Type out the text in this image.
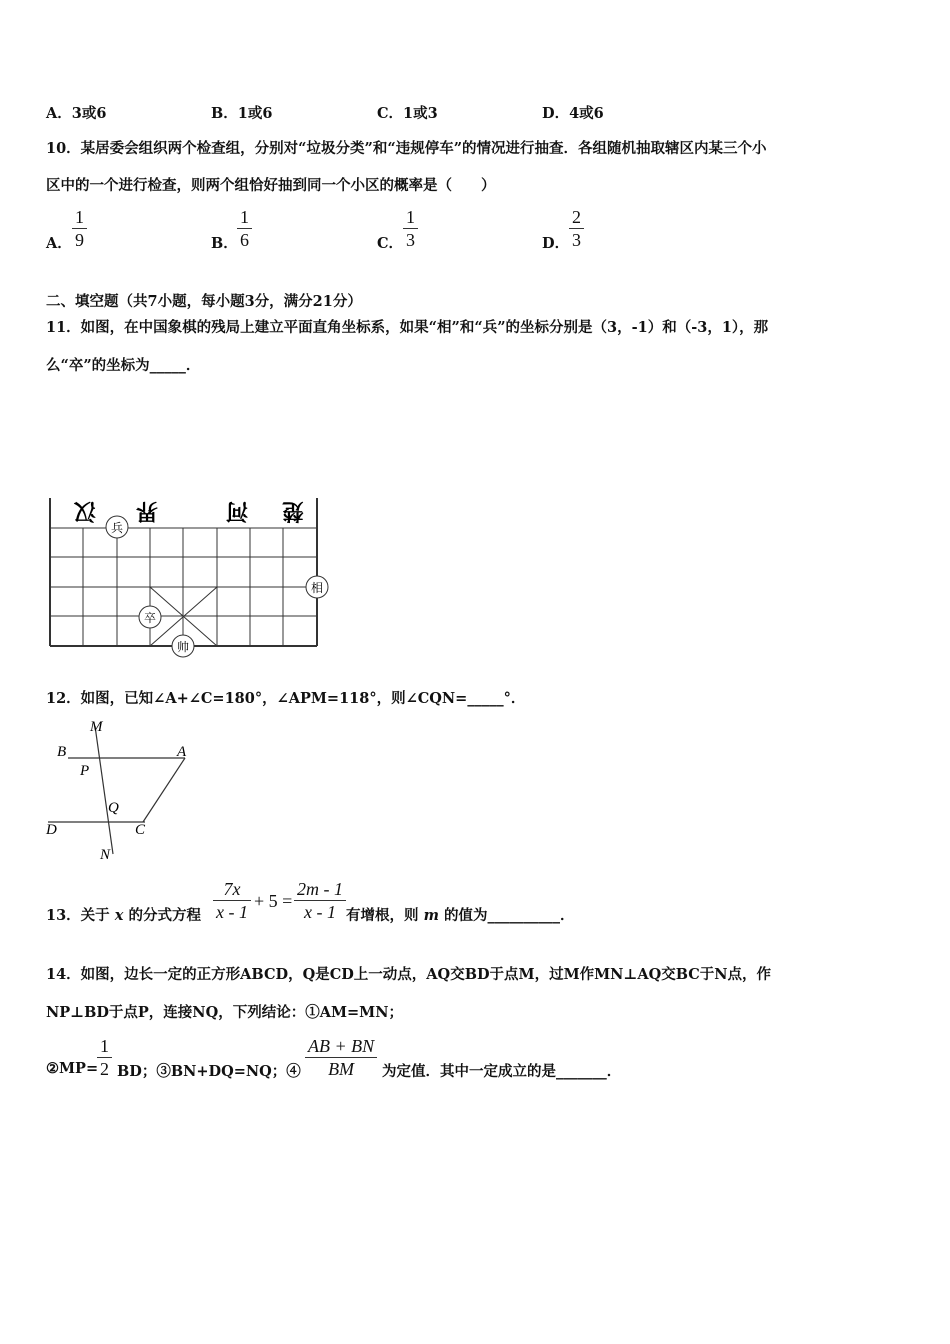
A．3或6	B．1或6	C．1或3	D．4或6
10．某居委会组织两个检查组，分别对“垃圾分类”和“违规停车”的情况进行抽查．各组随机抽取辖区内某三个小
区中的一个进行检查，则两个组恰好抽到同一个小区的概率是（　　）
A．
1
9	B．
1
6	C．
1
3	D．
2
3
二、填空题（共7小题，每小题3分，满分21分）
11．如图，在中国象棋的残局上建立平面直角坐标系，如果“相”和“兵”的坐标分别是（3，-1）和（-3，1），那
么“卒”的坐标为_____．
汉 界	河 楚
兵
相
卒
帅
12．如图，已知∠A+∠C=180°，∠APM=118°，则∠CQN=_____°．
M
B	A
P
Q
D	C
N
13．关于 x 的分式方程
7x
x - 1
+ 5 =
2m - 1
x - 1 有增根，则 m 的值为__________．
14．如图，边长一定的正方形ABCD，Q是CD上一动点，AQ交BD于点M，过M作MN⊥AQ交BC于N点，作
NP⊥BD于点P，连接NQ，下列结论：①AM=MN；
②MP=
1
2 BD；③BN+DQ=NQ；④
AB + BN
BM 为定值．其中一定成立的是_______．
